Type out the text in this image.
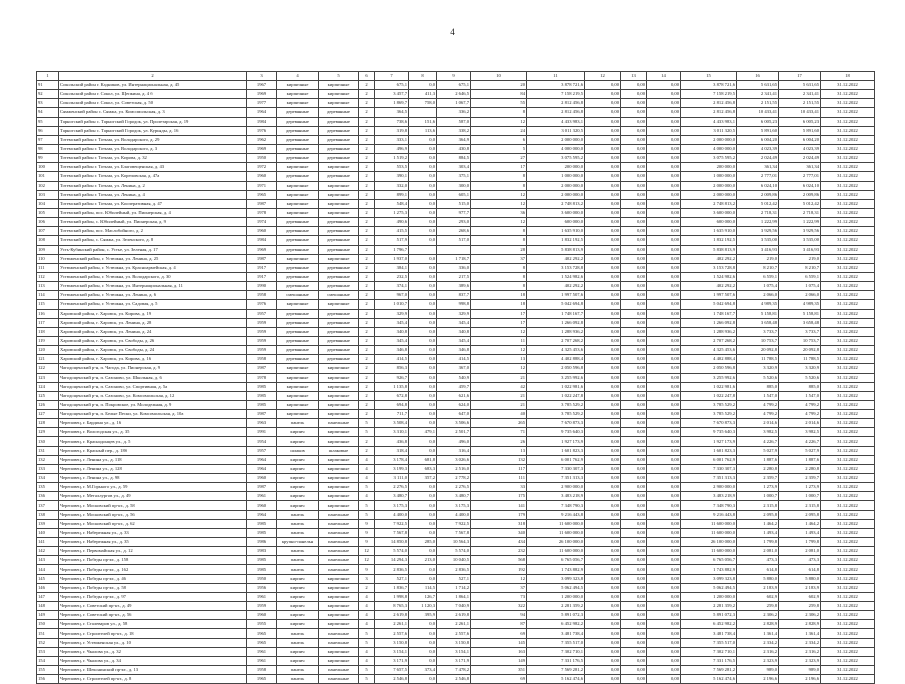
4
1	2	3	4	5	6	7	8	9	10	11	12	13	14	15	16	17	18
91	Сокольский район г. Кадников, ул. Интернациональная, д. 45	1967	кирпичные	кирпичные	2	675,1	0,0	675,1	20	3 878 721,6	0,00	0,00	0,00	3 878 721,6	5 631,65	5 631,65	31.12.2022
92	Сокольский район г. Сокол, ул. Щепкина, д. 4 б	1969	кирпичные	кирпичные	2	3 457,7	411,3	2 646,5	84	7 158 219,5	0,00	0,00	0,00	7 158 219,5	2 341,41	2 341,41	31.12.2022
93	Сокольский район г. Сокол, ул. Советская, д. 50	1977	кирпичные	кирпичные	2	1 869,7	758,0	1 067,7	55	2 812 456,8	0,00	0,00	0,00	2 812 456,8	2 151,55	2 151,55	31.12.2022
94	Сямженский район с. Сямжа, ул. Комсомольская, д. 3	1964	деревянные	деревянные	2	364,5		336,2	8	2 812 456,8	0,00	0,00	0,00	2 812 456,8	10 433,41	10 433,41	31.12.2022
95	Тарногский район с. Тарногский Городок, ул. Пролетарская, д. 19	1984	деревянные	деревянные	2	738,6	151,6	587,0	12	4 433 983,1	0,00	0,00	0,00	4 433 983,1	6 005,23	6 005,23	31.12.2022
96	Тарногский район с. Тарногский Городок, ул. Курьяды, д. 16	1976	деревянные	деревянные	2	319,8	113,6	338,2	24	3 011 320,5	0,00	0,00	0,00	3 011 320,5	5 891,60	5 891,60	31.12.2022
97	Тотемский район г. Тотьма, ул. Володарского, д. 29	1962	деревянные	деревянные	2	333,1	0,0	364,9	6	2 000 000,0	0,00	0,00	0,00	2 000 000,0	6 004,20	6 004,20	31.12.2022
98	Тотемский район г. Тотьма, ул. Володарского, д. 3	1969	деревянные	деревянные	2	496,9	0,0	430,8	5	4 000 000,0	0,00	0,00	0,00	4 000 000,0	4 023,39	4 023,39	31.12.2022
99	Тотемский район г. Тотьма, ул. Кирова, д. 32	1950	деревянные	деревянные	2	1 519,2	0,0	884,5	27	3 075 595,2	0,00	0,00	0,00	3 075 595,2	2 024,49	2 024,49	31.12.2022
100	Тотемский район г. Тотьма, ул. Благовещенская, д. 43	1972	кирпичные	кирпичные	2	553,5	0,0	303,4	17	200 000,0	0,00	0,00	0,00	200 000,0	361,34	361,34	31.12.2022
101	Тотемский район г. Тотьма, ул. Кореповская, д. 47а	1960	деревянные	деревянные	2	390,1	0,0	375,1	8	1 000 000,0	0,00	0,00	0,00	1 000 000,0	2 777,01	2 777,01	31.12.2022
102	Тотемский район г. Тотьма, ул. Ленина, д. 2	1971	кирпичные	кирпичные	2	332,0	0,0	300,0	8	2 000 000,0	0,00	0,00	0,00	2 000 000,0	6 024,10	6 024,10	31.12.2022
103	Тотемский район г. Тотьма, ул. Ленина, д. 4	1965	кирпичные	кирпичные	2	899,1	0,0	605,1	12	2 000 000,0	0,00	0,00	0,00	2 000 000,0	2 009,86	2 009,86	31.12.2022
104	Тотемский район г. Тотьма, ул. Кооперативная, д. 47	1987	кирпичные	кирпичные	2	548,4	0,0	515,0	12	2 748 813,2	0,00	0,00	0,00	2 748 813,2	5 012,42	5 012,42	31.12.2022
105	Тотемский район, пос. Юбилейный, ул. Пионерская, д. 4	1978	кирпичные	кирпичные	2	1 275,3	0,0	977,7	36	3 600 000,0	0,00	0,00	0,00	3 600 000,0	2 718,31	2 718,31	31.12.2022
106	Тотемский район, с. Юбилейный, ул. Пионерская, д. 9	1974	деревянные	деревянные	2	490,6	0,0	293,0	12	600 000,0	0,00	0,00	0,00	600 000,0	1 222,99	1 222,99	31.12.2022
107	Тотемский район, пос. Маслобойного, д. 2	1960	деревянные	деревянные	2	415,5	0,0	268,6	8	1 635 910,0	0,00	0,00	0,00	1 635 910,0	3 929,56	3 929,56	31.12.2022
108	Тотемский район, с. Сямжа, ул. Зеленского, д. 8	1984	деревянные	деревянные	2	517,9	0,0	517,0	8	1 832 192,5	0,00	0,00	0,00	1 832 192,5	3 535,00	3 535,00	31.12.2022
109	Усть-Кубинский район, с. Устье, ул. Зеленая, д. 17	1969	деревянные	деревянные	2	1 796,7			28	5 838 813,9	0,00	0,00	0,00	5 838 813,9	3 416,93	3 416,93	31.12.2022
110	Устюженский район, г. Устюжна, ул. Ленина, д. 25	1987	кирпичные	кирпичные	2	1 937,0	0,0	1 718,7	37	402 292,2	0,00	0,00	0,00	402 292,2	219,0	219,0	31.12.2022
111	Устюженский район, г. Устюжна, ул. Красноармейская, д. 4	1917	деревянные	деревянные	2	384,1	0,0	336,0	8	3 153 728,8	0,00	0,00	0,00	3 153 728,8	8 210,7	8 210,7	31.12.2022
112	Устюженский район, г. Устюжна, ул. Володарского, д. 30	1917	деревянные	деревянные	2	232,5	0,0	217,5	8	1 524 982,6	0,00	0,00	0,00	1 524 982,6	6 559,1	6 559,1	31.12.2022
113	Устюженский район, г. Устюжна, ул. Интернациональная, д. 11	1990	деревянные	деревянные	2	374,1	0,0	389,6	8	402 292,2	0,00	0,00	0,00	402 292,2	1 075,4	1 075,4	31.12.2022
114	Устюженский район, г. Устюжна, ул. Ленина, д. 6	1958	смешанные	смешанные	2	967,0	0,0	837,7	18	1 997 507,6	0,00	0,00	0,00	1 997 507,6	2 066,0	2 066,0	31.12.2022
115	Устюженский район, г. Устюжна, ул. Садовая, д. 5	1976	кирпичные	кирпичные	2	1 010,7	0,0	998,8	18	5 042 694,8	0,00	0,00	0,00	5 042 694,8	4 989,35	4 989,35	31.12.2022
116	Харовский район, г. Харовск, ул. Кирова, д. 19	1957	деревянные	деревянные	2	329,9	0,0	329,9	17	1 748 167,7	0,00	0,00	0,00	1 748 167,7	5 158,81	5 158,81	31.12.2022
117	Харовский район, г. Харовск, ул. Ленина, д. 28	1959	деревянные	деревянные	2	345,4	0,0	345,4	17	1 266 092,8	0,00	0,00	0,00	1 266 092,8	3 658,48	3 658,48	31.12.2022
118	Харовский район, г. Харовск, ул. Ленина, д. 24	1959	деревянные	деревянные	2	340,8	0,0	340,8	12	1 288 936,2	0,00	0,00	0,00	1 288 936,2	3 733,7	3 733,7	31.12.2022
119	Харовский район, г. Харовск, ул. Свободы, д. 26	1959	деревянные	деревянные	2	345,4	0,0	345,4	11	2 707 268,2	0,00	0,00	0,00	2 707 268,2	10 753,7	10 753,7	31.12.2022
120	Харовский район, г. Харовск, ул. Свободы, д. 24	1959	деревянные	деревянные	2	346,8	0,0	346,8	12	4 325 453,6	0,00	0,00	0,00	4 325 453,6	20 092,8	20 092,8	31.12.2022
121	Харовский район, г. Харовск, ул. Кирова, д. 16	1958	деревянные	деревянные	2	414,5	0,0	414,5	13	4 402 888,4	0,00	0,00	0,00	4 402 888,4	11 788,5	11 788,5	31.12.2022
122	Чагодощенский р-н, п. Чагода, ул. Пионерская, д. 9	1987	кирпичные	кирпичные	2	856,3	0,0	367,0	12	2 050 596,8	0,00	0,00	0,00	2 050 596,8	3 320,9	3 320,9	31.12.2022
123	Чагодощенский р-н, п. Сазоново, ул. Школьная, д. 6	1978	кирпичные	кирпичные	2	926,7	0,0	540,9	21	3 255 992,6	0,00	0,00	0,00	3 255 992,6	5 520,6	5 520,6	31.12.2022
124	Чагодощенский р-н, п. Сазоново, ул. Спортивная, д. 5а	1985	кирпичные	кирпичные	2	1 135,8	0,0	459,7	42	1 022 981,6	0,00	0,00	0,00	1 022 981,6	885,0	885,0	31.12.2022
125	Чагодощенский р-н, п. Сазоново, ул. Комсомольская, д. 12	1985	кирпичные	кирпичные	2	672,8	0,0	621,6	21	1 022 247,8	0,00	0,00	0,00	1 022 247,8	1 547,0	1 547,0	31.12.2022
126	Чагодощенский р-н, п. Покровское, ул. Молодежная, д. 9	1985	кирпичные	кирпичные	2	694,8	0,0	624,0	21	3 785 529,2	0,00	0,00	0,00	3 785 529,2	4 799,2	4 799,2	31.12.2022
127	Чагодощенский р-н, п. Белые Пески, ул. Комсомольская, д. 10а	1987	кирпичные	кирпичные	2	711,7	0,0	647,0	40	3 785 529,2	0,00	0,00	0,00	3 785 529,2	4 799,2	4 799,2	31.12.2022
128	Череповец, г. Бардина ул., д. 16	1963	панель	панельные	5	3 508,4	0,0	3 506,6	265	7 670 873,3	0,00	0,00	0,00	7 670 873,3	2 014,6	2 014,6	31.12.2022
129	Череповец, г. Вологодская ул., д. 35	1991	кирпич	кирпичные	5	3 310,1	479,1	2 501,7	71	9 735 640,3	0,00	0,00	0,00	9 735 640,3	3 982,5	3 982,5	31.12.2022
130	Череповец, г. Краснодонцев ул., д. 5	1954	кирпич	кирпичные	2	436,8	0,0	496,0	26	1 927 173,9	0,00	0,00	0,00	1 927 173,9	4 226,7	4 226,7	31.12.2022
131	Череповец, г. Красный пер., д. 18б	1957	шлаков	шлаковые	2	318,4	0,0	316,4	13	1 601 823,3	0,00	0,00	0,00	1 601 823,3	5 027,9	5 027,9	31.12.2022
132	Череповец, г. Ленина ул., д. 118	1964	кирпич	кирпичные	4	3 178,4	681,8	3 026,6	132	6 001 762,9	0,00	0,00	0,00	6 001 762,9	1 887,6	1 887,6	31.12.2022
133	Череповец, г. Ленина ул., д. 128	1964	кирпич	кирпичные	4	3 199,3	683,3	2 516,0	117	7 330 307,3	0,00	0,00	0,00	7 330 307,3	2 280,8	2 280,8	31.12.2022
134	Череповец, г. Ленина ул., д. 98	1960	кирпич	кирпичные	4	3 111,0	357,2	2 778,2	111	7 351 313,3	0,00	0,00	0,00	7 351 313,3	2 359,7	2 359,7	31.12.2022
135	Череповец, г. М.Горького ул., д. 59	1987	кирпич	кирпичные	5	2 276,5	0,0	2 276,5	33	2 900 000,0	0,00	0,00	0,00	2 900 000,0	1 273,9	1 273,9	31.12.2022
136	Череповец, г. Металлургов ул., д. 49	1961	кирпич	кирпичные	4	3 480,7	0,0	3 480,7	175	3 483 218,9	0,00	0,00	0,00	3 483 218,9	1 000,7	1 000,7	31.12.2022
137	Череповец, г. Московский пр-кт., д. 58	1960	кирпич	кирпичные	5	3 175,3	0,0	3 175,3	141	7 348 790,3	0,00	0,00	0,00	7 348 790,3	2 315,8	2 315,8	31.12.2022
138	Череповец, г. Московский пр-кт., д. 56	1964	панель	панельные	5	4 400,0	0,0	4 400,0	179	9 216 443,8	0,00	0,00	0,00	9 216 443,8	2 095,8	2 095,8	31.12.2022
139	Череповец, г. Московский пр-кт., д. 62	1985	панель	панельные	9	7 922,5	0,0	7 922,5	318	11 600 000,0	0,00	0,00	0,00	11 600 000,0	1 464,2	1 464,2	31.12.2022
140	Череповец, г. Набережная ул., д. 33	1985	панель	панельные	9	7 567,8	0,0	7 567,8	340	11 600 000,0	0,00	0,00	0,00	11 600 000,0	1 493,4	1 493,4	31.12.2022
141	Череповец, г. Набережная ул., д. 35	1986	крупно-панельн	панельные	9	14 850,8	285,0	10 564,3	434	26 100 000,0	0,00	0,00	0,00	26 100 000,0	1 799,8	1 799,8	31.12.2022
142	Череповец, г. Первомайская ул., д. 12	1983	панель	панельные	12	5 574,0	0,0	5 574,0	232	11 600 000,0	0,00	0,00	0,00	11 600 000,0	2 081,0	2 081,0	31.12.2022
143	Череповец, г. Победы пр-кт., д. 158	1985	панель	панельные	12	14 294,3	213,0	10 040,5	568	6 765 056,7	0,00	0,00	0,00	6 765 056,7	473,3	473,3	31.12.2022
144	Череповец, г. Победы пр-кт., д. 162	1985	панель	панельные	9	2 836,5	0,0	2 836,5	192	1 743 882,9	0,00	0,00	0,00	1 743 882,9	614,8	614,8	31.12.2022
145	Череповец, г. Победы пр-кт., д. 46	1950	кирпич	кирпичные	3	527,1	0,0	527,1	12	3 099 323,8	0,00	0,00	0,00	3 099 323,8	5 880,0	5 880,0	31.12.2022
146	Череповец, г. Победы пр-кт., д. 58	1956	кирпич	кирпичные	2	1 836,7	114,5	1 714,2	37	5 062 494,5	0,00	0,00	0,00	5 062 494,5	2 183,9	2 183,9	31.12.2022
147	Череповец, г. Победы пр-кт., д. 97	1961	кирпич	кирпичные	4	1 998,8	126,7	1 864,1	73	1 200 000,0	0,00	0,00	0,00	1 200 000,0	602,9	602,9	31.12.2022
148	Череповец, г. Советский пр-кт., д. 49	1959	кирпич	кирпичные	4	8 765,3	1 120,3	7 040,9	322	2 281 359,2	0,00	0,00	0,00	2 281 359,2	259,8	259,8	31.12.2022
149	Череповец, г. Советский пр-кт., д. 56	1960	кирпич	кирпичные	4	2 619,8	395,9	2 619,8	94	5 891 072,3	0,00	0,00	0,00	5 891 072,3	2 306,2	2 306,2	31.12.2022
150	Череповец, г. Сталеваров ул., д. 58	1955	кирпич	кирпичные	4	2 261,1	0,0	2 261,1	87	6 452 982,2	0,00	0,00	0,00	6 452 982,2	2 828,9	2 828,9	31.12.2022
151	Череповец, г. Строителей пр-кт., д. 18	1965	панель	панельные	5	2 557,6	0,0	2 557,6	69	3 481 738,4	0,00	0,00	0,00	3 481 738,4	1 361,4	1 361,4	31.12.2022
152	Череповец, г. Устюженская ул., д. 10	1965	панель	панельные	5	3 150,8	0,0	3 150,8	145	7 355 517,0	0,00	0,00	0,00	7 355 517,0	2 334,2	2 334,2	31.12.2022
153	Череповец, г. Чкалова ул., д. 32	1961	кирпич	кирпичные	4	3 154,1	0,0	3 154,1	163	7 302 710,1	0,00	0,00	0,00	7 302 710,1	2 316,2	2 316,2	31.12.2022
154	Череповец, г. Чкалова ул., д. 34	1961	кирпич	кирпичные	4	3 171,9	0,0	3 171,9	149	7 331 176,5	0,00	0,00	0,00	7 331 176,5	2 323,9	2 323,9	31.12.2022
155	Череповец, г. Шекснинский пр-кт., д. 13	1958	панель	панельные	5	7 657,5	373,4	7 478,2	351	7 569 281,2	0,00	0,00	0,00	7 569 281,2	989,0	989,0	31.12.2022
156	Череповец, г. Строителей пр-кт., д. 8	1965	панель	панельные	5	2 546,8	0,0	2 546,8	69	5 162 474,6	0,00	0,00	0,00	5 162 474,6	2 196,6	2 196,6	31.12.2022
